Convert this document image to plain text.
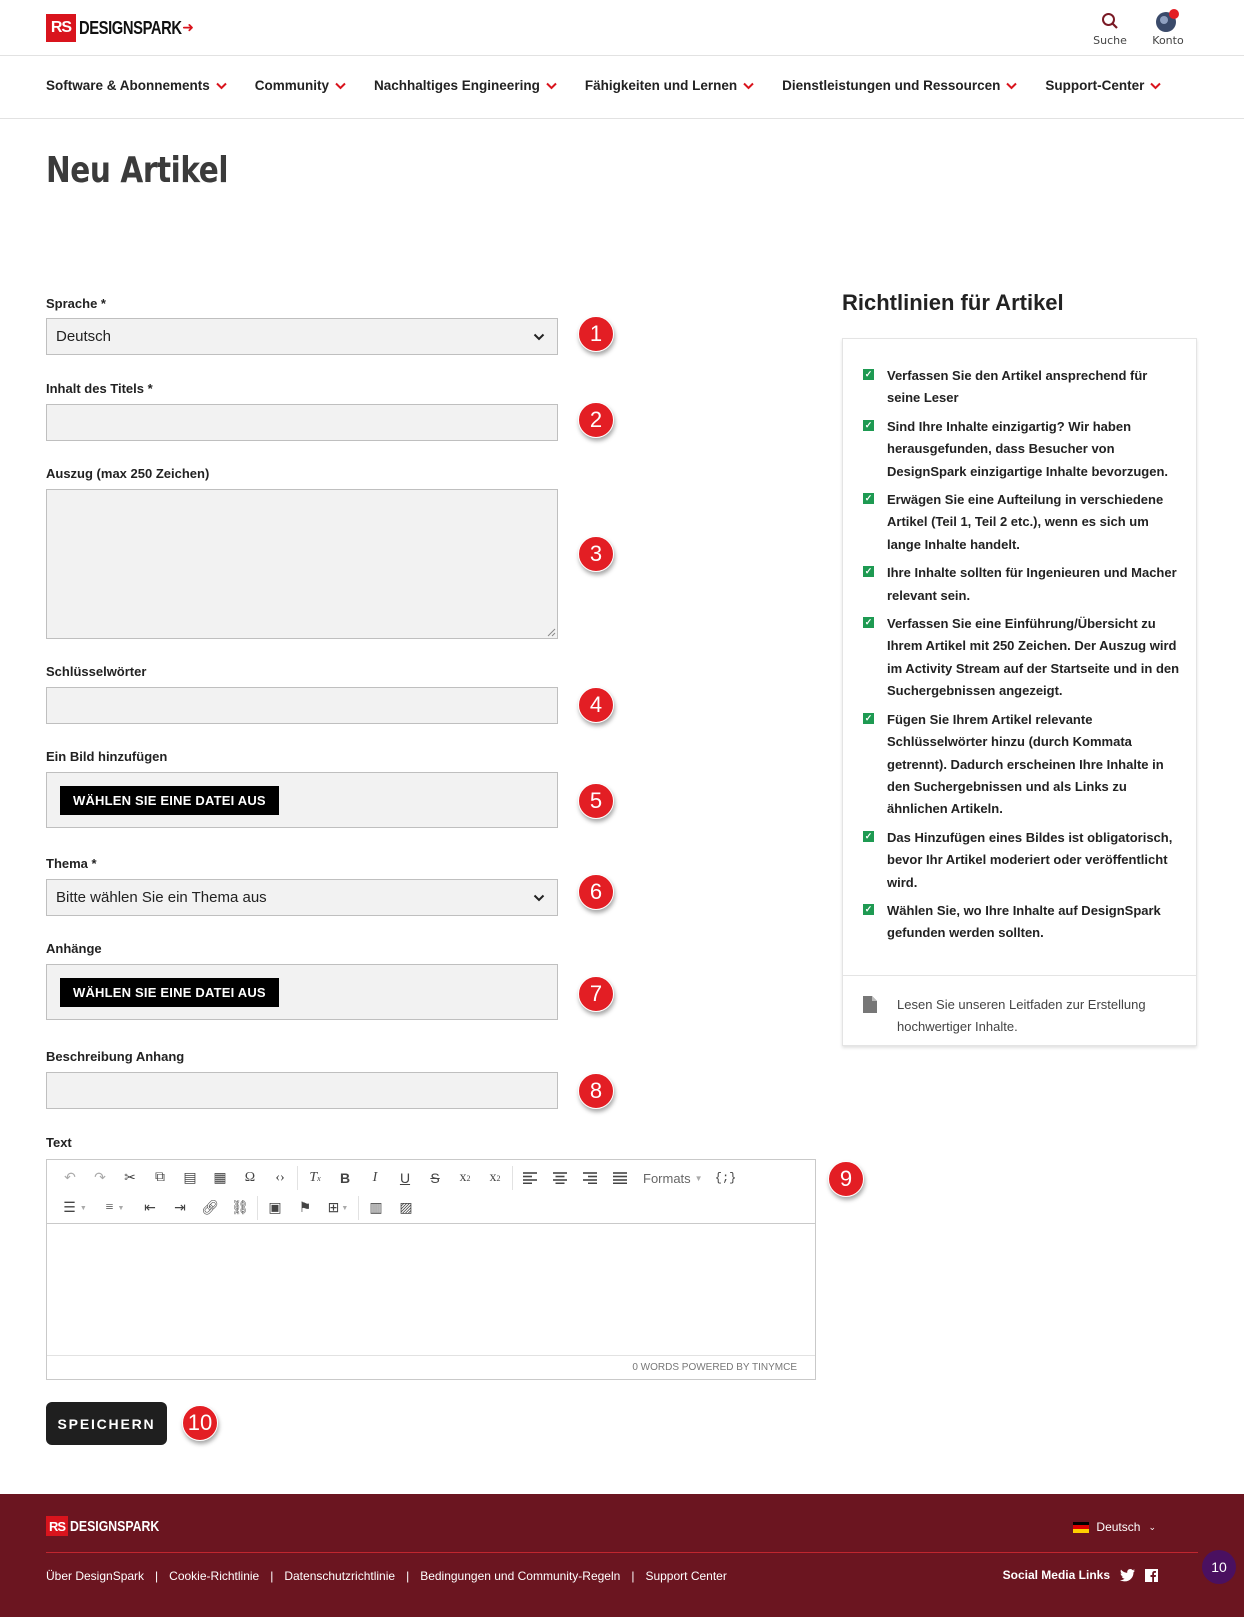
RS DESIGNSPARK ➜
Suche	Konto
Software & Abonnements	Community	Nachhaltiges Engineering	Fähigkeiten und Lernen	Dienstleistungen und Ressourcen	Support-Center
Neu Artikel
Sprache *
Deutsch	1
Inhalt des Titels *
2
Auszug (max 250 Zeichen)
3
Schlüsselwörter
4
Ein Bild hinzufügen
WÄHLEN SIE EINE DATEI AUS	5
Thema *
Bitte wählen Sie ein Thema aus	6
Anhänge
WÄHLEN SIE EINE DATEI AUS	7
Beschreibung Anhang
8
Text
↶	↷	✂	⧉	▤	▦	Ω	‹›	T x	B	I	U	S	x 2	x 2	Formats ▼	{;}
☰ ▼	≡ ▼	⇤	⇥	🔗︎ ⛓︎	▣	⚑	⊞ ▼	▥	▨
0 WORDS POWERED BY TINYMCE
9
SPEICHERN	10
Richtlinien für Artikel
✓ Verfassen Sie den Artikel ansprechend für seine Leser
✓ Sind Ihre Inhalte einzigartig? Wir haben herausgefunden, dass Besucher von DesignSpark einzigartige Inhalte bevorzugen.
✓ Erwägen Sie eine Aufteilung in verschiedene Artikel (Teil 1, Teil 2 etc.), wenn es sich um lange Inhalte handelt.
✓ Ihre Inhalte sollten für Ingenieuren und Macher relevant sein.
✓ Verfassen Sie eine Einführung/Übersicht zu Ihrem Artikel mit 250 Zeichen. Der Auszug wird im Activity Stream auf der Startseite und in den Suchergebnissen angezeigt.
✓ Fügen Sie Ihrem Artikel relevante Schlüsselwörter hinzu (durch Kommata getrennt). Dadurch erscheinen Ihre Inhalte in den Suchergebnissen und als Links zu ähnlichen Artikeln.
✓ Das Hinzufügen eines Bildes ist obligatorisch, bevor Ihr Artikel moderiert oder veröffentlicht wird.
✓ Wählen Sie, wo Ihre Inhalte auf DesignSpark gefunden werden sollten.
Lesen Sie unseren Leitfaden zur Erstellung hochwertiger Inhalte.
RS DESIGNSPARK	Deutsch ⌄
Über DesignSpark | Cookie-Richtlinie | Datenschutzrichtlinie | Bedingungen und Community-Regeln | Support Center	Social Media Links	10
